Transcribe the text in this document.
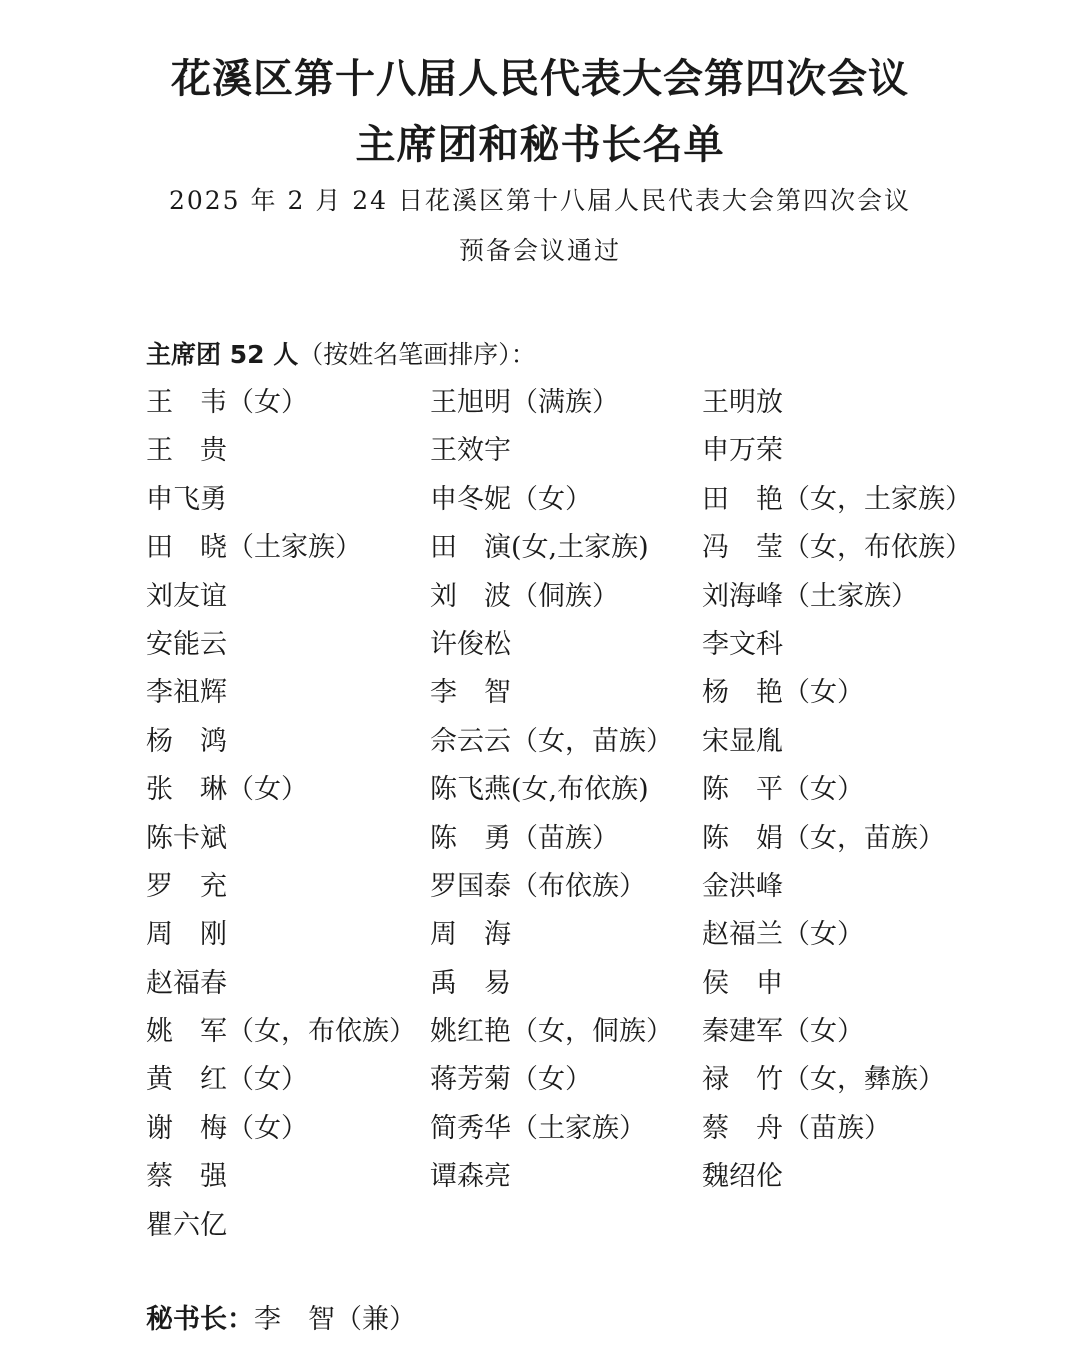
花溪区第十八届人民代表大会第四次会议
主席团和秘书长名单
2025 年 2 月 24 日花溪区第十八届人民代表大会第四次会议
预备会议通过
主席团 52 人（按姓名笔画排序）：
王　韦（女）	王旭明（满族）	王明放
王　贵	王效宇	申万荣
申飞勇	申冬妮（女）	田　艳（女，土家族）
田　晓（土家族）	田　演(女,土家族)	冯　莹（女，布依族）
刘友谊	刘　波（侗族）	刘海峰（土家族）
安能云	许俊松	李文科
李祖辉	李　智	杨　艳（女）
杨　鸿	佘云云（女，苗族）	宋显胤
张　琳（女）	陈飞燕(女,布依族)	陈　平（女）
陈卡斌	陈　勇（苗族）	陈　娟（女，苗族）
罗　充	罗国泰（布依族）	金洪峰
周　刚	周　海	赵福兰（女）
赵福春	禹　易	侯　申
姚　军（女，布依族） 姚红艳（女，侗族）	秦建军（女）
黄　红（女）	蒋芳菊（女）	禄　竹（女，彝族）
谢　梅（女）	简秀华（土家族）	蔡　舟（苗族）
蔡　强	谭森亮	魏绍伦
瞿六亿
秘书长：李　智（兼）
